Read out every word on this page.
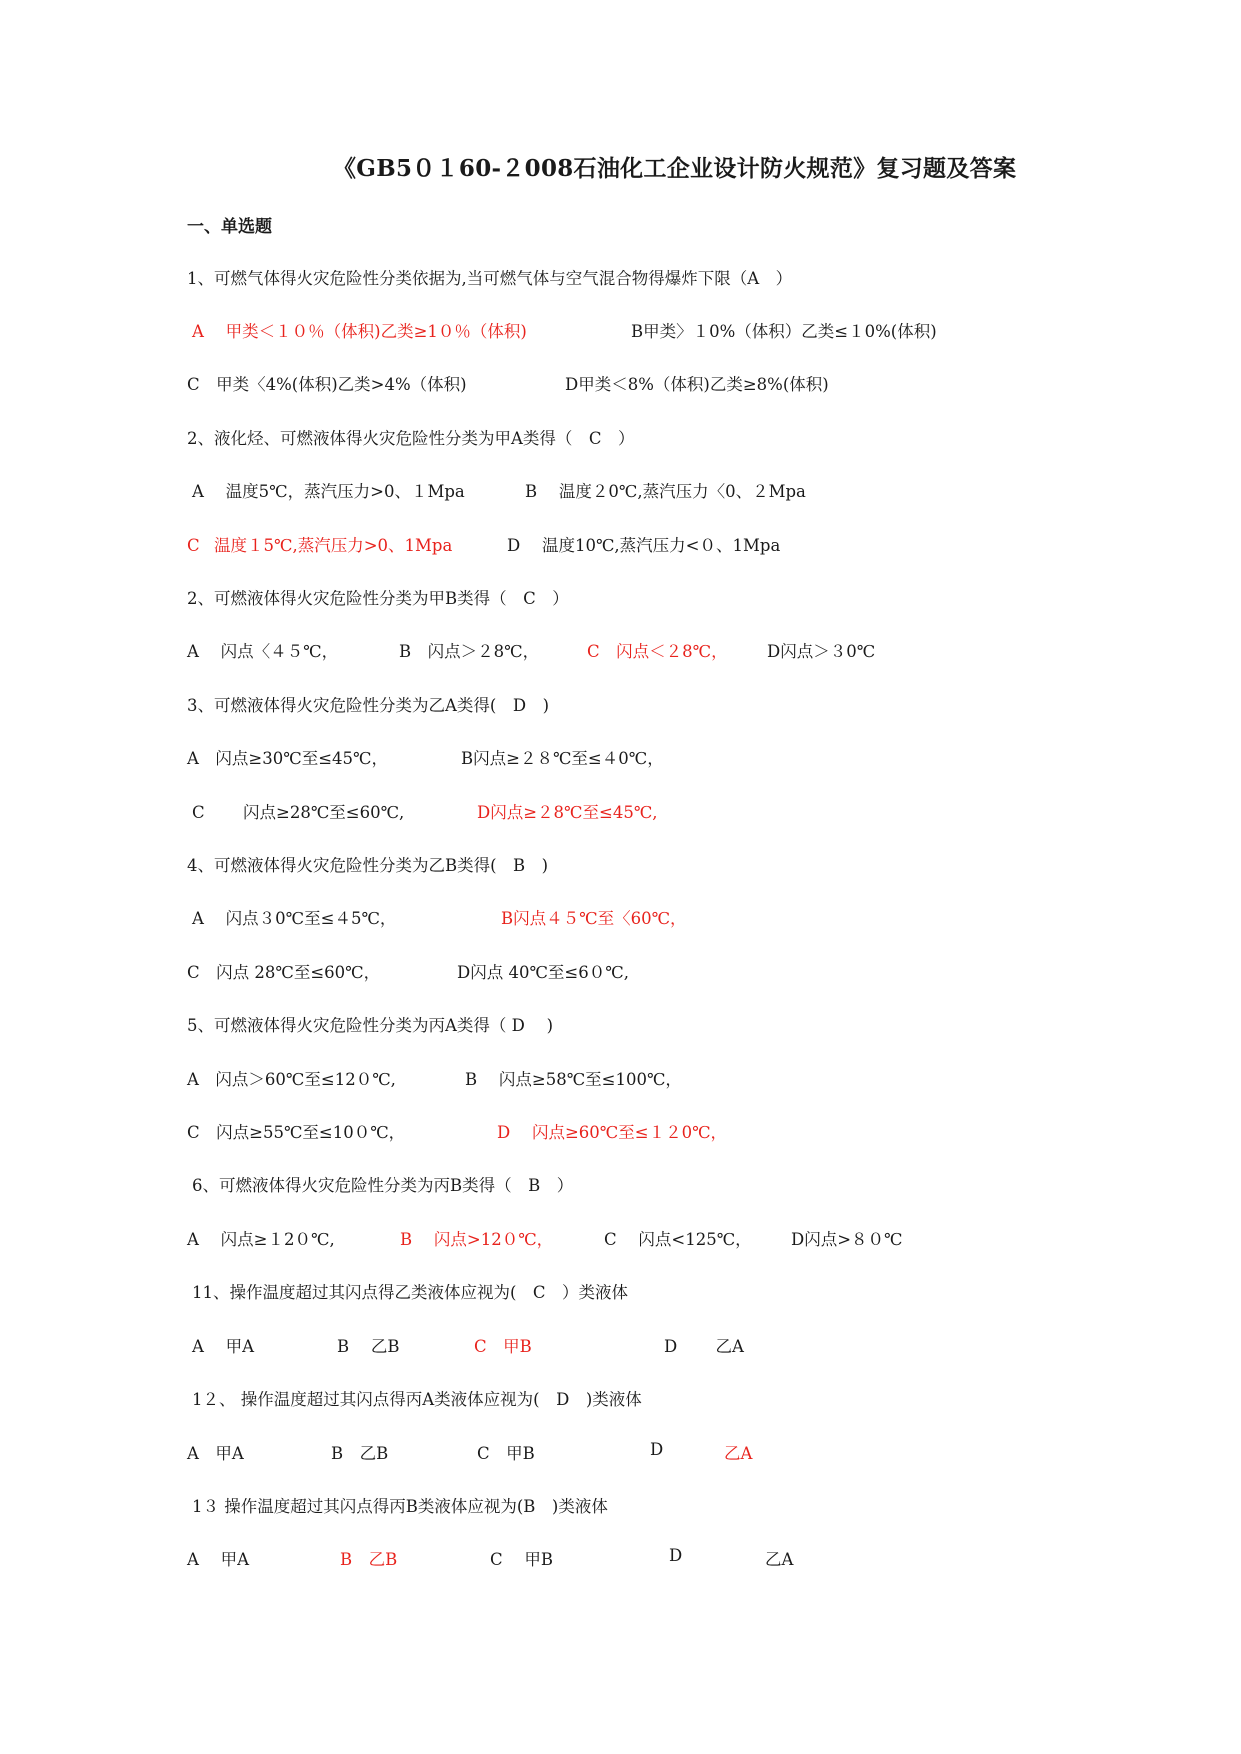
《GB5０１60-２008石油化工企业设计防火规范》复习题及答案
一、单选题
1、可燃气体得火灾危险性分类依据为,当可燃气体与空气混合物得爆炸下限（A　）
A　 甲类＜１０％（体积)乙类≥1０％（体积)	B甲类〉１0%（体积）乙类≤１0%(体积)
C　甲类〈4%(体积)乙类>4%（体积)	D甲类＜8%（体积)乙类≥8%(体积)
2、液化烃、可燃液体得火灾危险性分类为甲A类得（　C　）
A　 温度5℃，蒸汽压力>0、１Mpa	B　 温度２0℃,蒸汽压力〈0、２Mpa
C　
温度１5℃,蒸汽压力>0、1Mpa	D　 温度10℃,蒸汽压力<０、1Mpa
2、可燃液体得火灾危险性分类为甲B类得（　C　）
A　 闪点〈４５℃，	B　闪点＞２8℃，	C　闪点＜２8℃， D闪点＞３0℃
3、可燃液体得火灾危险性分类为乙A类得(　D　)
A　闪点≥30℃至≤45℃，	B闪点≥２８℃至≤４0℃，
C　 闪点≥28℃至≤60℃,	D闪点≥２8℃至≤45℃,
4、可燃液体得火灾危险性分类为乙B类得(　B　)
A　 闪点３0℃至≤４5℃，	B闪点４５℃至〈60℃，
C　闪点 28℃至≤60℃，	D闪点 40℃至≤6０℃,
5、可燃液体得火灾危险性分类为丙A类得（ D　 )
A　闪点＞60℃至≤12０℃,	B　 闪点≥58℃至≤100℃，
C　闪点≥55℃至≤10０℃，	D　 闪点≥60℃至≤１２0℃，
6、可燃液体得火灾危险性分类为丙B类得（　B　）
A　 闪点≥１2０℃,	B　 闪点>12０℃，	C　 闪点<125℃， D闪点>８０℃
11、操作温度超过其闪点得乙类液体应视为(　C　）类液体
A　 甲A	B　 乙B	C　甲B	D　　 乙A
1２、 操作温度超过其闪点得丙A类液体应视为(　D　)类液体
A　甲A	B　乙B	C　甲B	D	乙A
1３ 操作温度超过其闪点得丙B类液体应视为(B　)类液体
A　 甲A	B　乙B	C　 甲B	D	乙A
